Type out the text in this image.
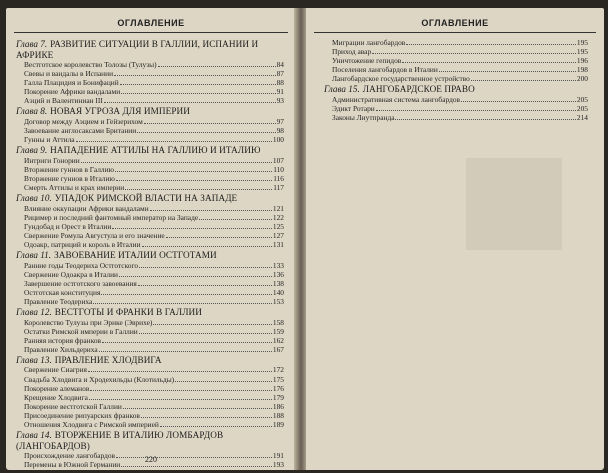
ОГЛАВЛЕНИЕ
Глава 7. РАЗВИТИЕ СИТУАЦИИ В ГАЛЛИИ, ИСПАНИИ И АФРИКЕ
Вестготское королевство Толозы (Тулузы)	84
Свевы и вандалы в Испании	87
Галла Плацидия и Бонифаций	88
Покорение Африки вандалами	91
Аэций и Валентиниан III	93
Глава 8. НОВАЯ УГРОЗА ДЛЯ ИМПЕРИИ
Договор между Аэцием и Гейзерихом	97
Завоевание англосаксами Британии	98
Гунны и Аттила	100
Глава 9. НАПАДЕНИЕ АТТИЛЫ НА ГАЛЛИЮ И ИТАЛИЮ
Интриги Гонории	107
Вторжение гуннов в Галлию	110
Вторжение гуннов в Италию	116
Смерть Аттилы и крах империи	117
Глава 10. УПАДОК РИМСКОЙ ВЛАСТИ НА ЗАПАДЕ
Влияние оккупации Африки вандалами	121
Рицимер и последний фантомный император на Западе	122
Гундобад и Орест в Италии	125
Свержение Ромула Августула и его значение	127
Одоакр, патриций и король в Италии	131
Глава 11. ЗАВОЕВАНИЕ ИТАЛИИ ОСТГОТАМИ
Ранние годы Теодериха Остготского	133
Свержение Одоакра в Италии	136
Завершение остготского завоевания	138
Остготская конституция	140
Правление Теодериха	153
Глава 12. ВЕСТГОТЫ И ФРАНКИ В ГАЛЛИИ
Королевство Тулузы при Эрике (Эврихе)	158
Остатки Римской империи в Галлии	159
Ранняя история франков	162
Правление Хильдериха	167
Глава 13. ПРАВЛЕНИЕ ХЛОДВИГА
Свержение Сиагрия	172
Свадьба Хлодвига и Хродехильды (Клотильды)	175
Покорение алеманов	176
Крещение Хлодвига	179
Покорение вестготской Галлии	186
Присоединение рипуарских франков	188
Отношения Хлодвига с Римской империей	189
Глава 14. ВТОРЖЕНИЕ В ИТАЛИЮ ЛОМБАРДОВ (ЛАНГОБАРДОВ)
Происхождение лангобардов	191
Перемены в Южной Германии	193
220
ОГЛАВЛЕНИЕ
Миграции лангобардов	195
Приход авар	195
Уничтожение гепидов	196
Поселения лангобардов в Италии	198
Лангобардское государственное устройство	200
Глава 15. ЛАНГОБАРДСКОЕ ПРАВО
Административная система лангобардов	205
Эдикт Ротари	205
Законы Лиутпранда	214
